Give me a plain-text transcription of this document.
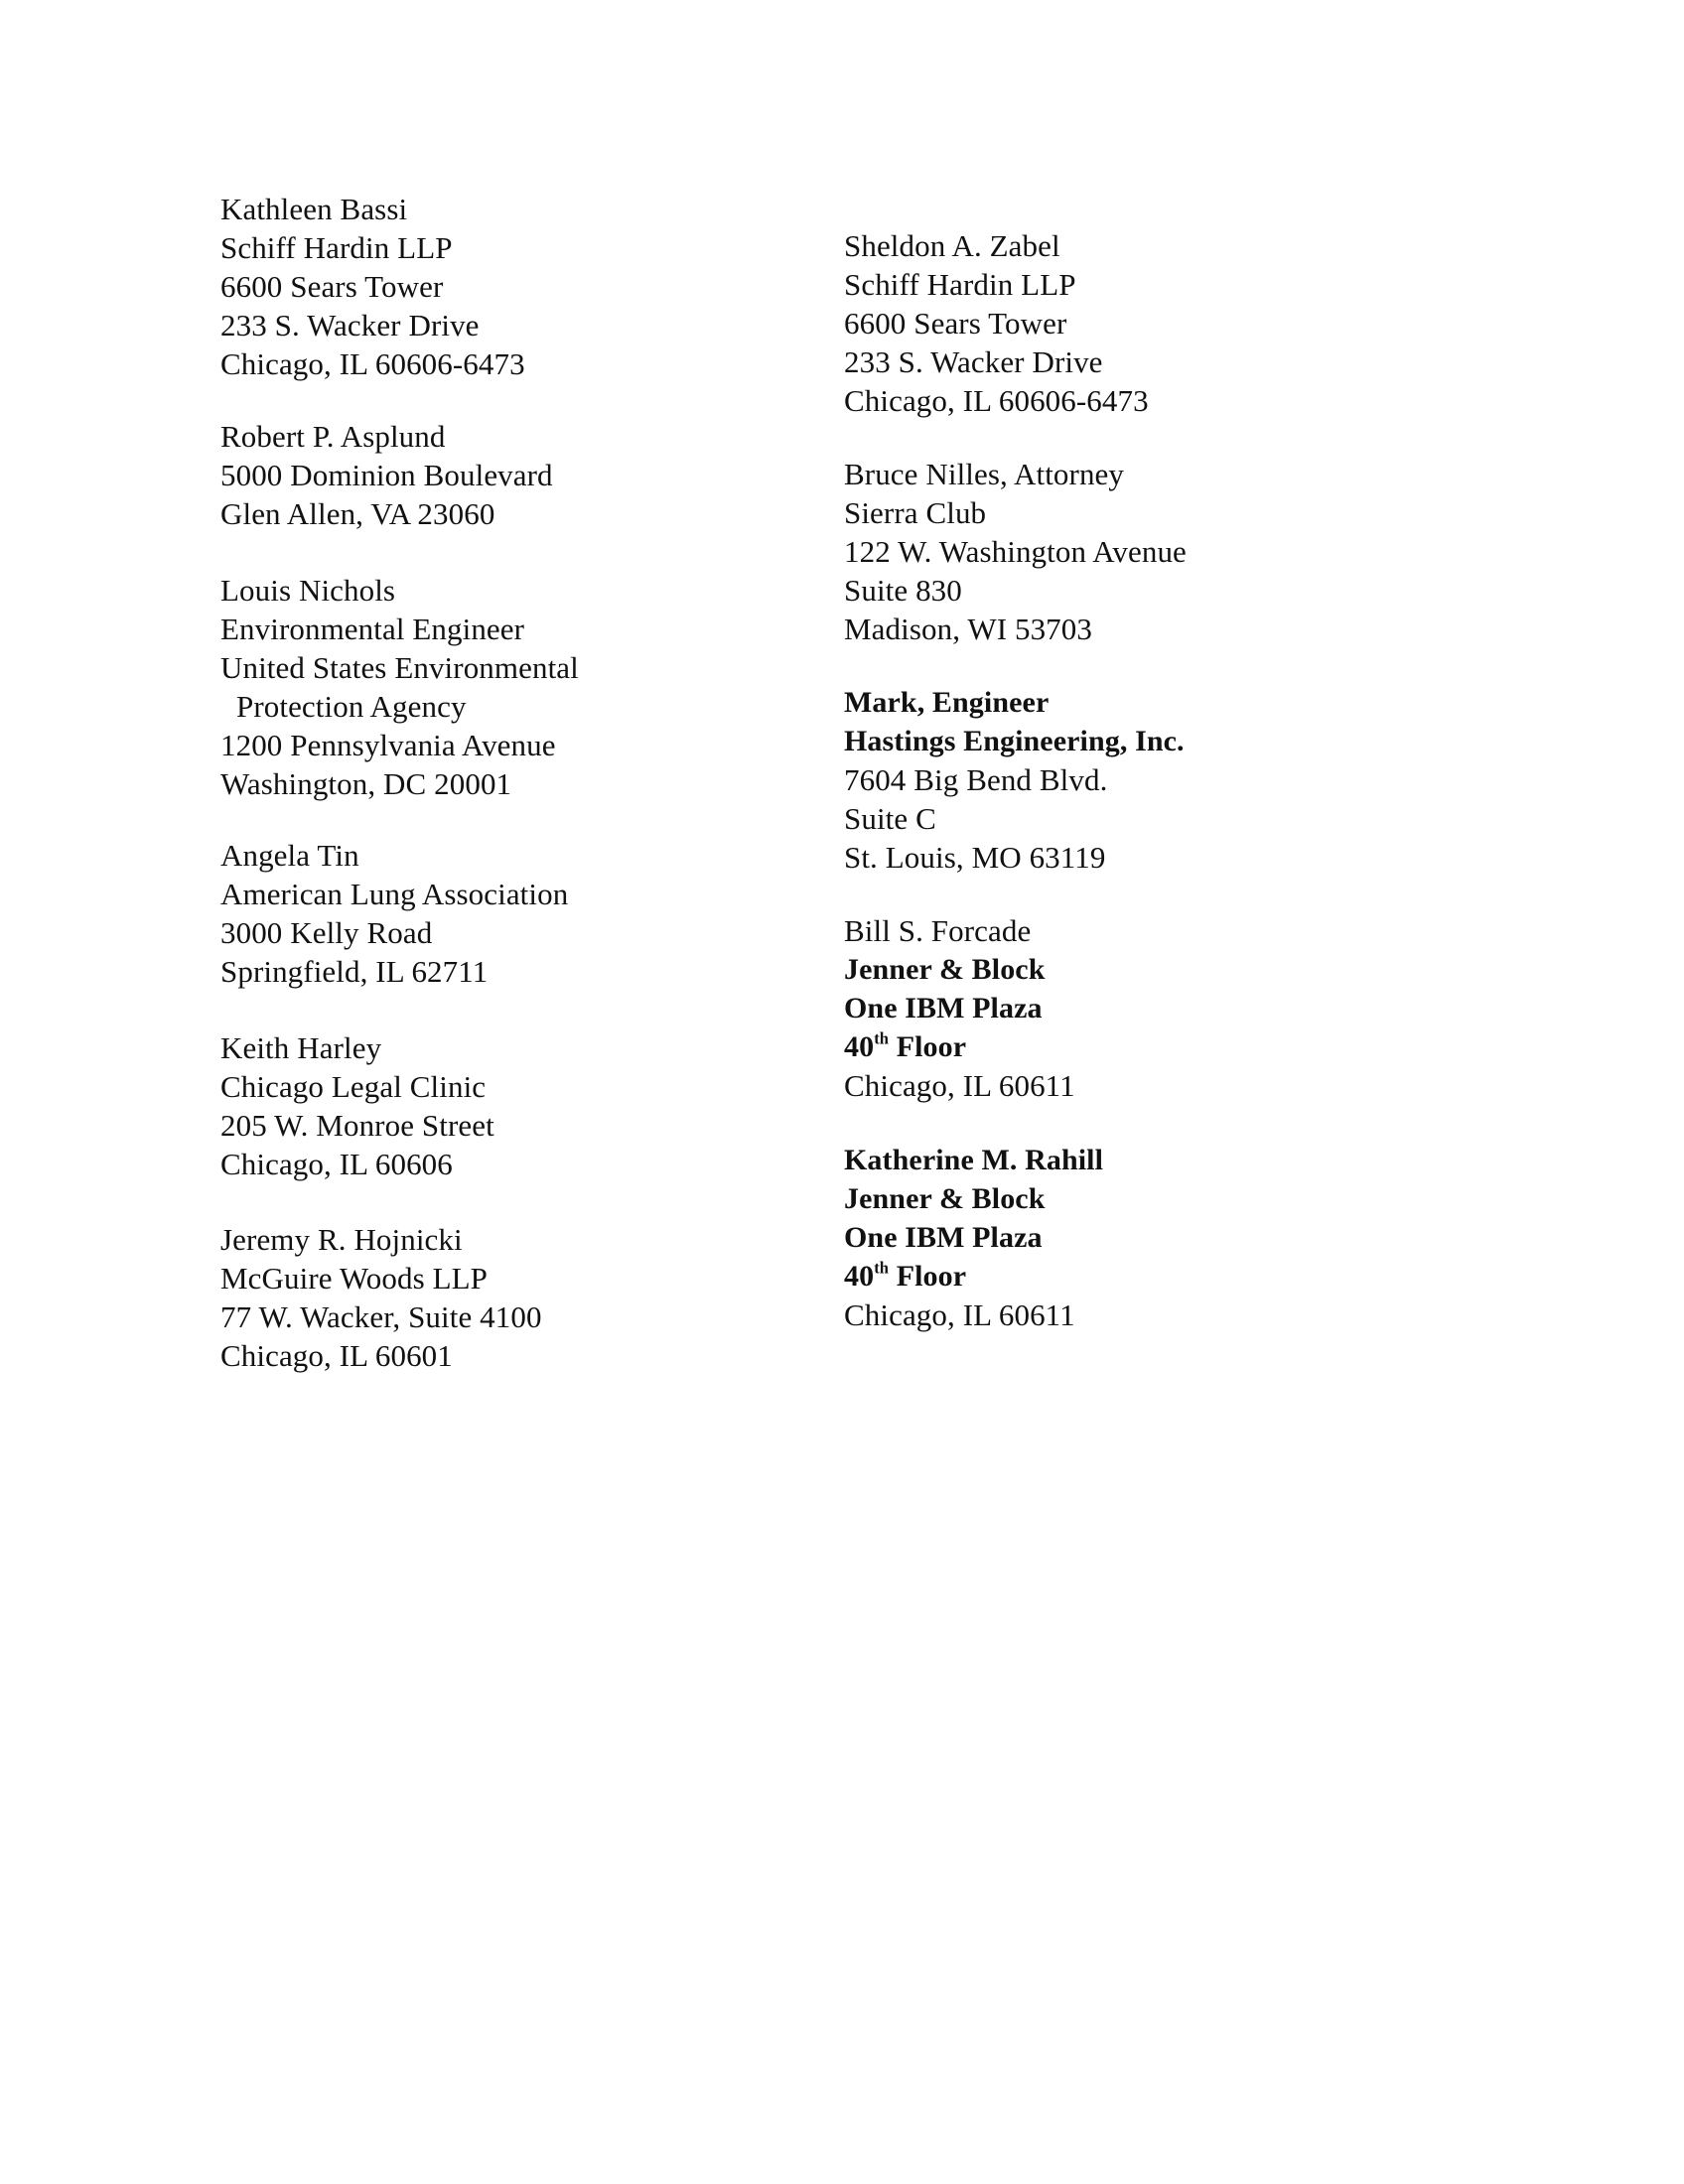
Kathleen Bassi
Schiff Hardin LLP
6600 Sears Tower
233 S. Wacker Drive
Chicago, IL 60606-6473
Robert P. Asplund
5000 Dominion Boulevard
Glen Allen, VA 23060
Louis Nichols
Environmental Engineer
United States Environmental
Protection Agency
1200 Pennsylvania Avenue
Washington, DC 20001
Angela Tin
American Lung Association
3000 Kelly Road
Springfield, IL 62711
Keith Harley
Chicago Legal Clinic
205 W. Monroe Street
Chicago, IL 60606
Jeremy R. Hojnicki
McGuire Woods LLP
77 W. Wacker, Suite 4100
Chicago, IL 60601
Sheldon A. Zabel
Schiff Hardin LLP
6600 Sears Tower
233 S. Wacker Drive
Chicago, IL 60606-6473
Bruce Nilles, Attorney
Sierra Club
122 W. Washington Avenue
Suite 830
Madison, WI 53703
Mark, Engineer
Hastings Engineering, Inc.
7604 Big Bend Blvd.
Suite C
St. Louis, MO 63119
Bill S. Forcade
Jenner & Block
One IBM Plaza
40th Floor
Chicago, IL 60611
Katherine M. Rahill
Jenner & Block
One IBM Plaza
40th Floor
Chicago, IL 60611
